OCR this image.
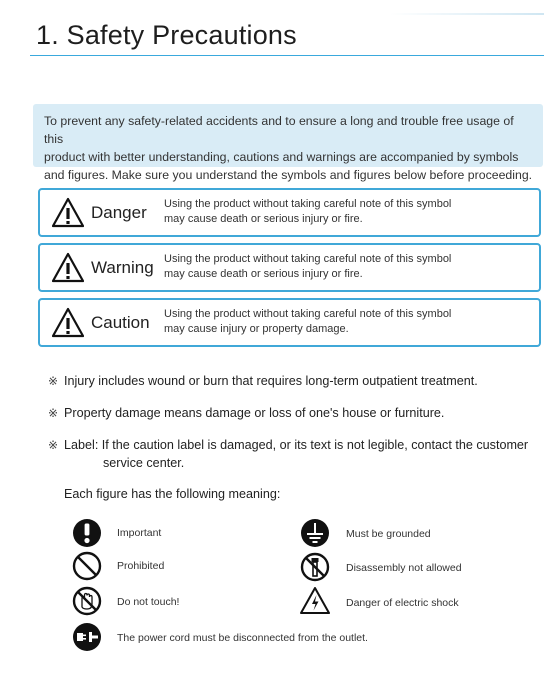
1. Safety Precautions
To prevent any safety-related accidents and to ensure a long and trouble free usage of this
product with better understanding, cautions and warnings are accompanied by symbols
and figures. Make sure you understand the symbols and figures below before proceeding.
Danger Using the product without taking careful note of this symbol
may cause death or serious injury or fire.
Warning Using the product without taking careful note of this symbol
may cause death or serious injury or fire.
Caution Using the product without taking careful note of this symbol
may cause injury or property damage.
※ Injury includes wound or burn that requires long-term outpatient treatment.
※ Property damage means damage or loss of one's house or furniture.
※ Label: If the caution label is damaged, or its text is not legible, contact the customer
service center.
Each figure has the following meaning:
Important	Must be grounded
Prohibited	Disassembly not allowed
Do not touch!	Danger of electric shock
The power cord must be disconnected from the outlet.
